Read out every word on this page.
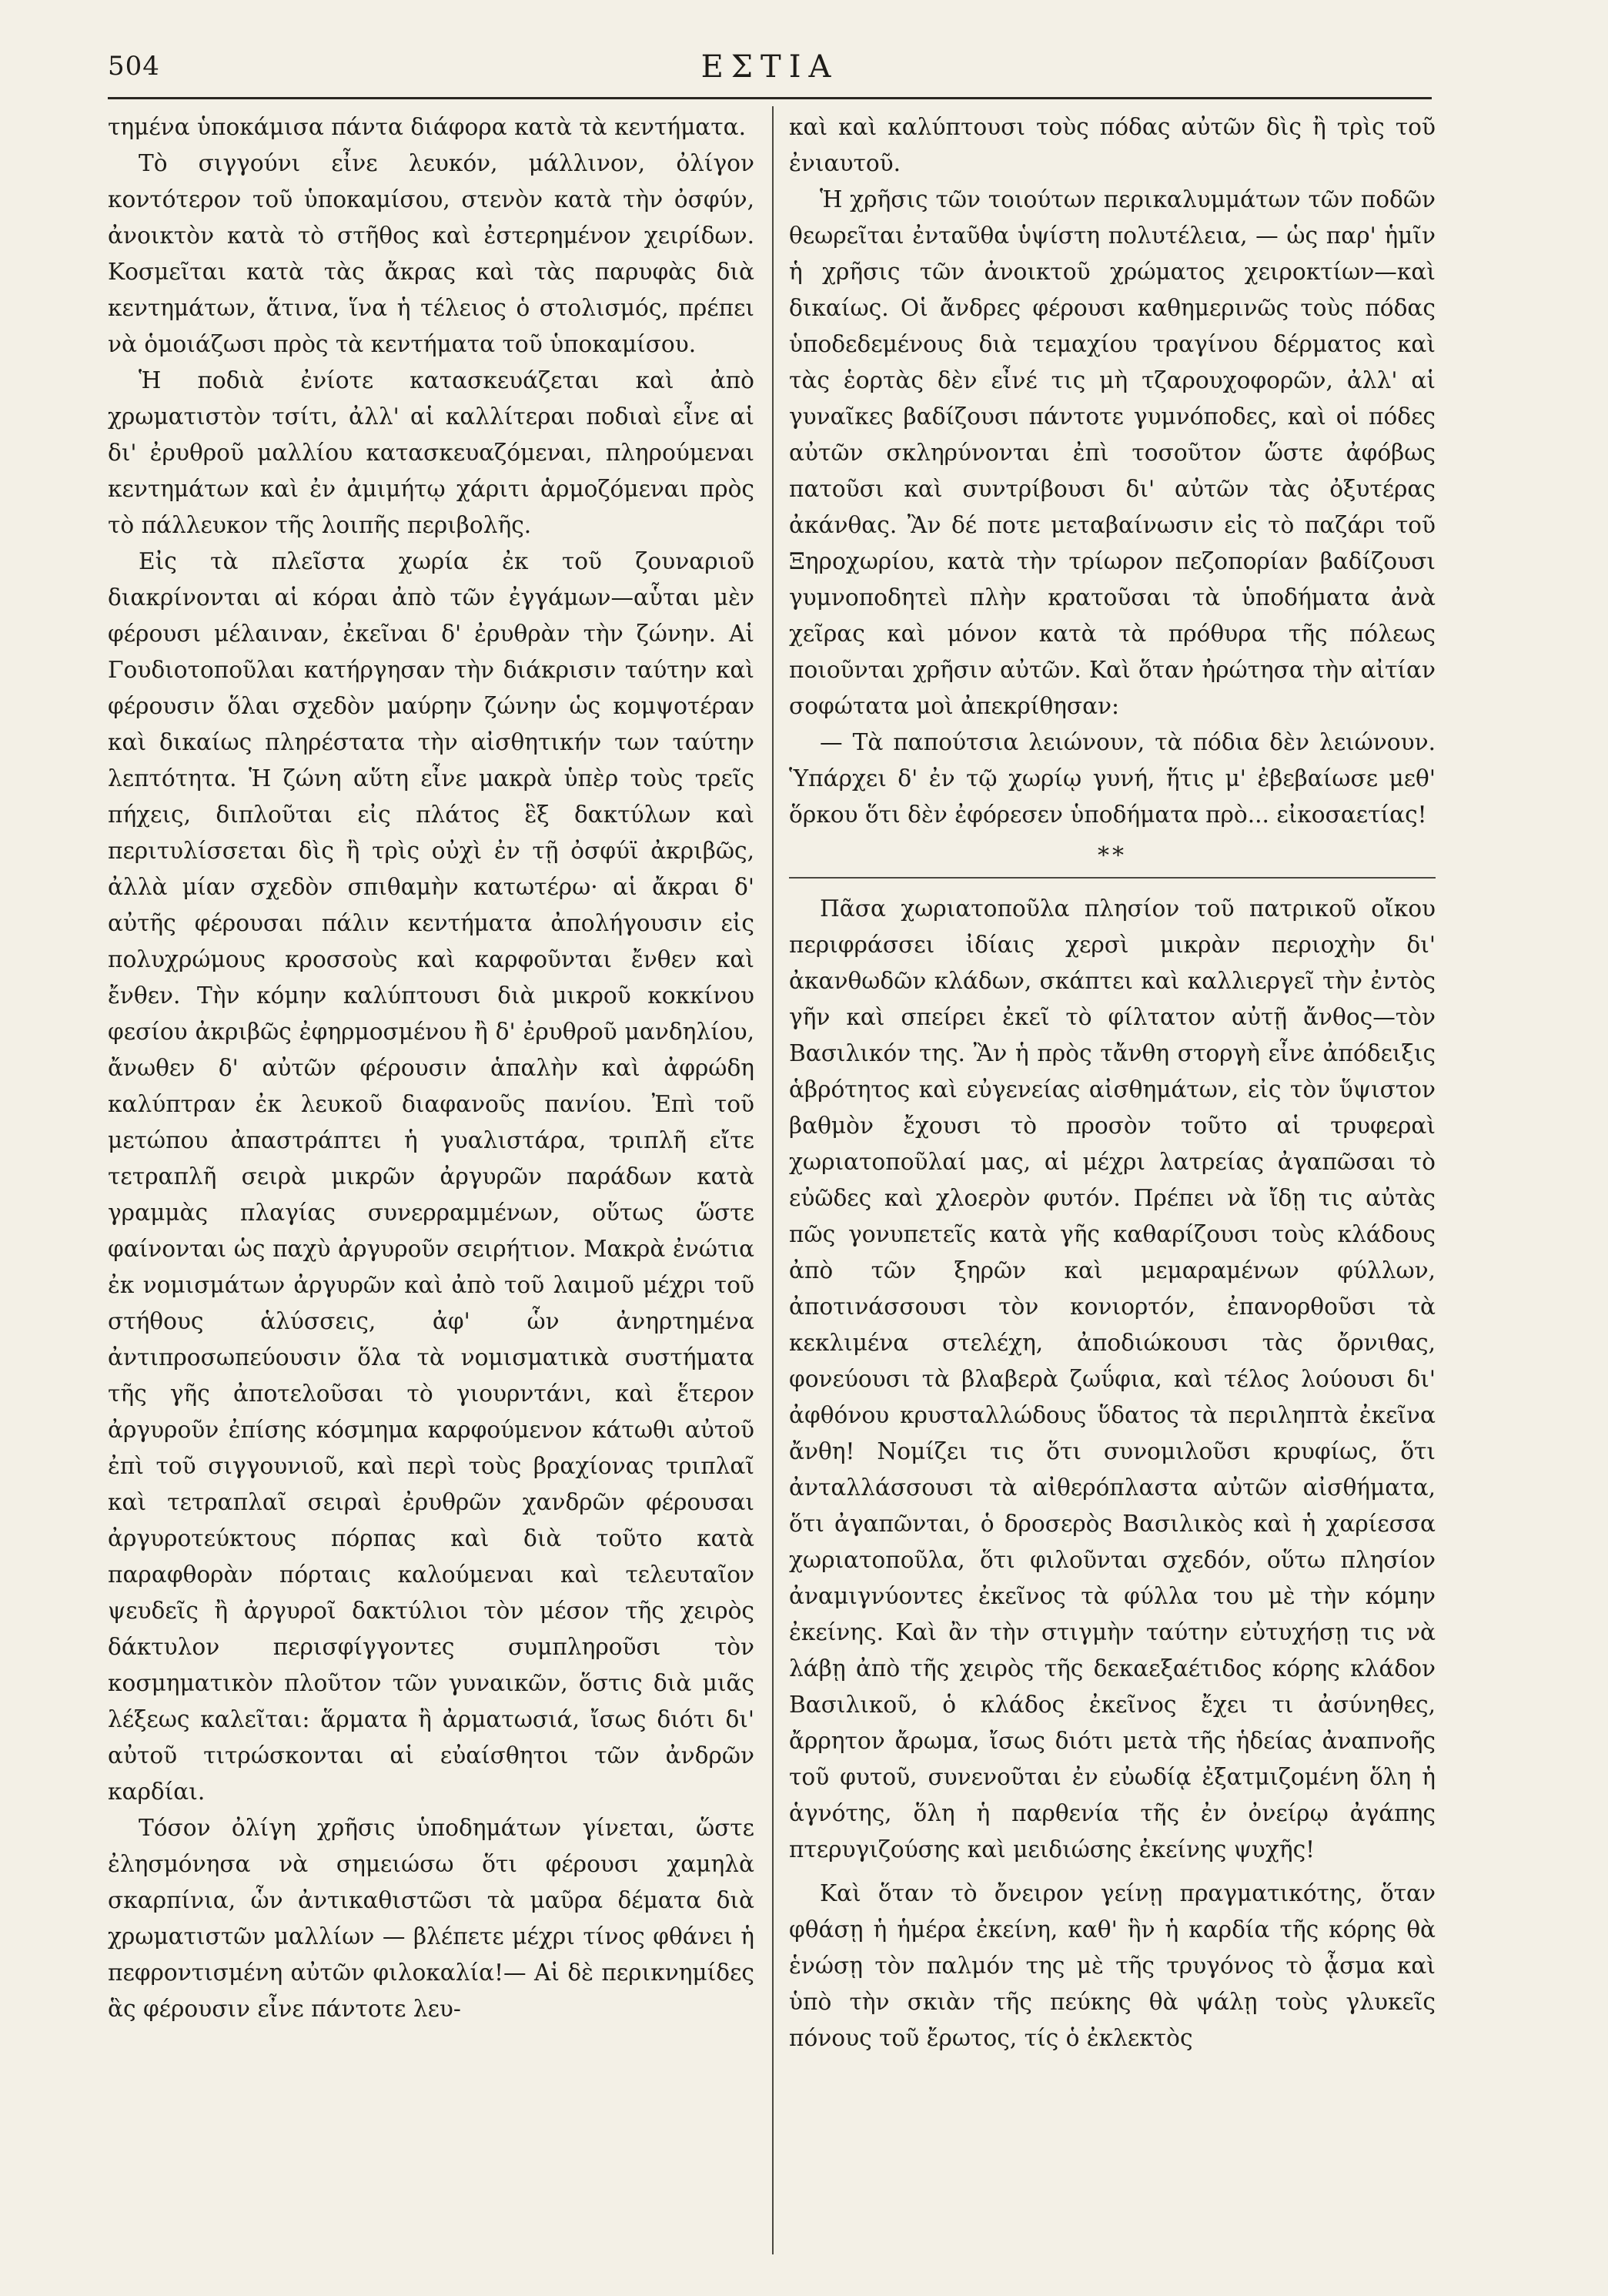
504	ΕΣΤΙΑ

τημένα ὑποκάμισα πάντα διάφορα κατὰ τὰ κεντήματα.

Τὸ σιγγούνι εἶνε λευκόν, μάλλινον, ὀλίγον κοντότερον τοῦ ὑποκαμίσου, στενὸν κατὰ τὴν ὀσφύν, ἀνοικτὸν κατὰ τὸ στῆθος καὶ ἐστερημένον χειρίδων. Κοσμεῖται κατὰ τὰς ἄκρας καὶ τὰς παρυφὰς διὰ κεντημάτων, ἅτινα, ἵνα ἡ τέλειος ὁ στολισμός, πρέπει νὰ ὁμοιάζωσι πρὸς τὰ κεντήματα τοῦ ὑποκαμίσου.

Ἡ ποδιὰ ἐνίοτε κατασκευάζεται καὶ ἀπὸ χρωματιστὸν τσίτι, ἀλλ' αἱ καλλίτεραι ποδιαὶ εἶνε αἱ δι' ἐρυθροῦ μαλλίου κατασκευαζόμεναι, πληρούμεναι κεντημάτων καὶ ἐν ἀμιμήτῳ χάριτι ἁρμοζόμεναι πρὸς τὸ πάλλευκον τῆς λοιπῆς περιβολῆς.

Εἰς τὰ πλεῖστα χωρία ἐκ τοῦ ζουναριοῦ διακρίνονται αἱ κόραι ἀπὸ τῶν ἐγγάμων—αὗται μὲν φέρουσι μέλαιναν, ἐκεῖναι δ' ἐρυθρὰν τὴν ζώνην. Αἱ Γουδιοτοποῦλαι κατήργησαν τὴν διάκρισιν ταύτην καὶ φέρουσιν ὅλαι σχεδὸν μαύρην ζώνην ὡς κομψοτέραν καὶ δικαίως πληρέστατα τὴν αἰσθητικήν των ταύτην λεπτότητα. Ἡ ζώνη αὕτη εἶνε μακρὰ ὑπὲρ τοὺς τρεῖς πήχεις, διπλοῦται εἰς πλάτος ἓξ δακτύλων καὶ περιτυλίσσεται δὶς ἢ τρὶς οὐχὶ ἐν τῇ ὀσφύϊ ἀκριβῶς, ἀλλὰ μίαν σχεδὸν σπιθαμὴν κατωτέρω· αἱ ἄκραι δ' αὐτῆς φέρουσαι πάλιν κεντήματα ἀπολήγουσιν εἰς πολυχρώμους κροσσοὺς καὶ καρφοῦνται ἔνθεν καὶ ἔνθεν. Τὴν κόμην καλύπτουσι διὰ μικροῦ κοκκίνου φεσίου ἀκριβῶς ἐφηρμοσμένου ἢ δ' ἐρυθροῦ μανδηλίου, ἄνωθεν δ' αὐτῶν φέρουσιν ἁπαλὴν καὶ ἀφρώδη καλύπτραν ἐκ λευκοῦ διαφανοῦς πανίου. Ἐπὶ τοῦ μετώπου ἀπαστράπτει ἡ γυαλιστάρα, τριπλῆ εἴτε τετραπλῆ σειρὰ μικρῶν ἀργυρῶν παράδων κατὰ γραμμὰς πλαγίας συνερραμμένων, οὕτως ὥστε φαίνονται ὡς παχὺ ἀργυροῦν σειρήτιον. Μακρὰ ἐνώτια ἐκ νομισμάτων ἀργυρῶν καὶ ἀπὸ τοῦ λαιμοῦ μέχρι τοῦ στήθους ἁλύσσεις, ἀφ' ὧν ἀνηρτημένα ἀντιπροσωπεύουσιν ὅλα τὰ νομισματικὰ συστήματα τῆς γῆς ἀποτελοῦσαι τὸ γιουρντάνι, καὶ ἕτερον ἀργυροῦν ἐπίσης κόσμημα καρφούμενον κάτωθι αὐτοῦ ἐπὶ τοῦ σιγγουνιοῦ, καὶ περὶ τοὺς βραχίονας τριπλαῖ καὶ τετραπλαῖ σειραὶ ἐρυθρῶν χανδρῶν φέρουσαι ἀργυροτεύκτους πόρπας καὶ διὰ τοῦτο κατὰ παραφθορὰν πόρταις καλούμεναι καὶ τελευταῖον ψευδεῖς ἢ ἀργυροῖ δακτύλιοι τὸν μέσον τῆς χειρὸς δάκτυλον περισφίγγοντες συμπληροῦσι τὸν κοσμηματικὸν πλοῦτον τῶν γυναικῶν, ὅστις διὰ μιᾶς λέξεως καλεῖται: ἅρματα ἢ ἀρματωσιά, ἴσως διότι δι' αὐτοῦ τιτρώσκονται αἱ εὐαίσθητοι τῶν ἀνδρῶν καρδίαι.

Τόσον ὀλίγη χρῆσις ὑποδημάτων γίνεται, ὥστε ἐλησμόνησα νὰ σημειώσω ὅτι φέρουσι χαμηλὰ σκαρπίνια, ὧν ἀντικαθιστῶσι τὰ μαῦρα δέματα διὰ χρωματιστῶν μαλλίων — βλέπετε μέχρι τίνος φθάνει ἡ πεφροντισμένη αὐτῶν φιλοκαλία!— Αἱ δὲ περικνημίδες ἃς φέρουσιν εἶνε πάντοτε λευ-

καὶ καὶ καλύπτουσι τοὺς πόδας αὐτῶν δὶς ἢ τρὶς τοῦ ἐνιαυτοῦ.

Ἡ χρῆσις τῶν τοιούτων περικαλυμμάτων τῶν ποδῶν θεωρεῖται ἐνταῦθα ὑψίστη πολυτέλεια, — ὡς παρ' ἡμῖν ἡ χρῆσις τῶν ἀνοικτοῦ χρώματος χειροκτίων—καὶ δικαίως. Οἱ ἄνδρες φέρουσι καθημερινῶς τοὺς πόδας ὑποδεδεμένους διὰ τεμαχίου τραγίνου δέρματος καὶ τὰς ἑορτὰς δὲν εἶνέ τις μὴ τζαρουχοφορῶν, ἀλλ' αἱ γυναῖκες βαδίζουσι πάντοτε γυμνόποδες, καὶ οἱ πόδες αὐτῶν σκληρύνονται ἐπὶ τοσοῦτον ὥστε ἀφόβως πατοῦσι καὶ συντρίβουσι δι' αὐτῶν τὰς ὀξυτέρας ἀκάνθας. Ἂν δέ ποτε μεταβαίνωσιν εἰς τὸ παζάρι τοῦ Ξηροχωρίου, κατὰ τὴν τρίωρον πεζοπορίαν βαδίζουσι γυμνοποδητεὶ πλὴν κρατοῦσαι τὰ ὑποδήματα ἀνὰ χεῖρας καὶ μόνον κατὰ τὰ πρόθυρα τῆς πόλεως ποιοῦνται χρῆσιν αὐτῶν. Καὶ ὅταν ἠρώτησα τὴν αἰτίαν σοφώτατα μοὶ ἀπεκρίθησαν:

— Τὰ παπούτσια λειώνουν, τὰ πόδια δὲν λειώνουν. Ὑπάρχει δ' ἐν τῷ χωρίῳ γυνή, ἥτις μ' ἐβεβαίωσε μεθ' ὅρκου ὅτι δὲν ἐφόρεσεν ὑποδήματα πρὸ... εἰκοσαετίας!

**

Πᾶσα χωριατοποῦλα πλησίον τοῦ πατρικοῦ οἴκου περιφράσσει ἰδίαις χερσὶ μικρὰν περιοχὴν δι' ἀκανθωδῶν κλάδων, σκάπτει καὶ καλλιεργεῖ τὴν ἐντὸς γῆν καὶ σπείρει ἐκεῖ τὸ φίλτατον αὐτῇ ἄνθος—τὸν Βασιλικόν της. Ἂν ἡ πρὸς τἄνθη στοργὴ εἶνε ἀπόδειξις ἁβρότητος καὶ εὐγενείας αἰσθημάτων, εἰς τὸν ὕψιστον βαθμὸν ἔχουσι τὸ προσὸν τοῦτο αἱ τρυφεραὶ χωριατοποῦλαί μας, αἱ μέχρι λατρείας ἀγαπῶσαι τὸ εὐῶδες καὶ χλοερὸν φυτόν. Πρέπει νὰ ἴδῃ τις αὐτὰς πῶς γονυπετεῖς κατὰ γῆς καθαρίζουσι τοὺς κλάδους ἀπὸ τῶν ξηρῶν καὶ μεμαραμένων φύλλων, ἀποτινάσσουσι τὸν κονιορτόν, ἐπανορθοῦσι τὰ κεκλιμένα στελέχη, ἀποδιώκουσι τὰς ὄρνιθας, φονεύουσι τὰ βλαβερὰ ζωΰφια, καὶ τέλος λούουσι δι' ἀφθόνου κρυσταλλώδους ὕδατος τὰ περιληπτὰ ἐκεῖνα ἄνθη! Νομίζει τις ὅτι συνομιλοῦσι κρυφίως, ὅτι ἀνταλλάσσουσι τὰ αἰθερόπλαστα αὐτῶν αἰσθήματα, ὅτι ἀγαπῶνται, ὁ δροσερὸς Βασιλικὸς καὶ ἡ χαρίεσσα χωριατοποῦλα, ὅτι φιλοῦνται σχεδόν, οὕτω πλησίον ἀναμιγνύοντες ἐκεῖνος τὰ φύλλα του μὲ τὴν κόμην ἐκείνης. Καὶ ἂν τὴν στιγμὴν ταύτην εὐτυχήσῃ τις νὰ λάβῃ ἀπὸ τῆς χειρὸς τῆς δεκαεξαέτιδος κόρης κλάδον Βασιλικοῦ, ὁ κλάδος ἐκεῖνος ἔχει τι ἀσύνηθες, ἄρρητον ἄρωμα, ἴσως διότι μετὰ τῆς ἡδείας ἀναπνοῆς τοῦ φυτοῦ, συνενοῦται ἐν εὐωδίᾳ ἐξατμιζομένη ὅλη ἡ ἁγνότης, ὅλη ἡ παρθενία τῆς ἐν ὀνείρῳ ἀγάπης πτερυγιζούσης καὶ μειδιώσης ἐκείνης ψυχῆς!

Καὶ ὅταν τὸ ὄνειρον γείνῃ πραγματικότης, ὅταν φθάσῃ ἡ ἡμέρα ἐκείνη, καθ' ἣν ἡ καρδία τῆς κόρης θὰ ἑνώσῃ τὸν παλμόν της μὲ τῆς τρυγόνος τὸ ᾆσμα καὶ ὑπὸ τὴν σκιὰν τῆς πεύκης θὰ ψάλῃ τοὺς γλυκεῖς πόνους τοῦ ἔρωτος, τίς ὁ ἐκλεκτὸς
